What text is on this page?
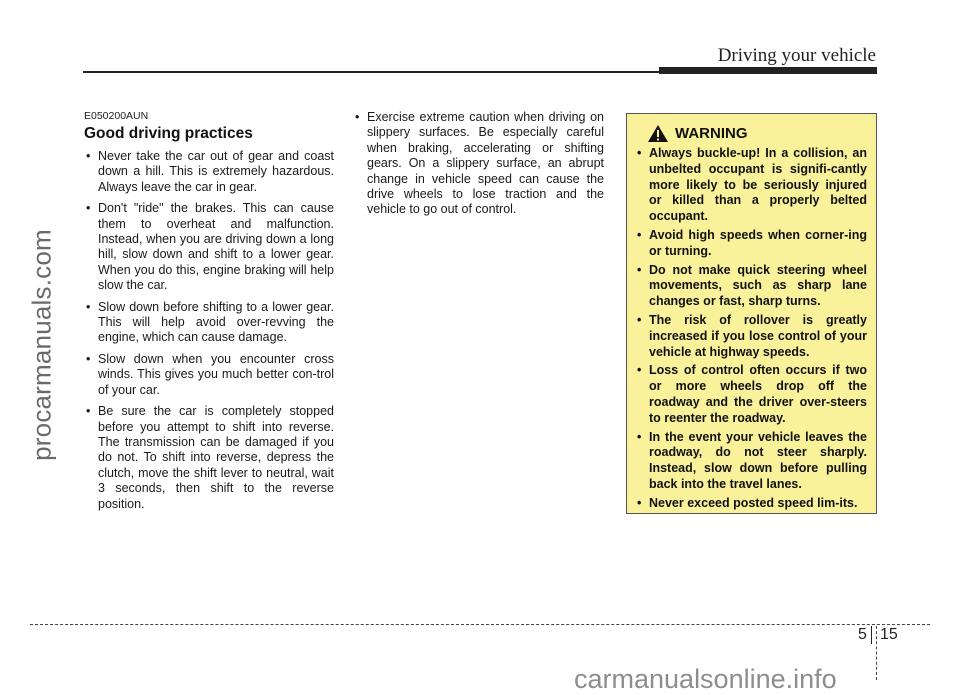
Driving your vehicle
procarmanuals.com
E050200AUN
Good driving practices
• Never take the car out of gear and coast down a hill. This is extremely hazardous. Always leave the car in gear.
• Don't "ride" the brakes. This can cause them to overheat and malfunction. Instead, when you are driving down a long hill, slow down and shift to a lower gear. When you do this, engine braking will help slow the car.
• Slow down before shifting to a lower gear. This will help avoid over-revving the engine, which can cause damage.
• Slow down when you encounter cross winds. This gives you much better con-trol of your car.
• Be sure the car is completely stopped before you attempt to shift into reverse. The transmission can be damaged if you do not. To shift into reverse, depress the clutch, move the shift lever to neutral, wait 3 seconds, then shift to the reverse position.
• Exercise extreme caution when driving on slippery surfaces. Be especially careful when braking, accelerating or shifting gears. On a slippery surface, an abrupt change in vehicle speed can cause the drive wheels to lose traction and the vehicle to go out of control.
WARNING
• Always buckle-up! In a collision, an unbelted occupant is signifi-cantly more likely to be seriously injured or killed than a properly belted occupant.
• Avoid high speeds when corner-ing or turning.
• Do not make quick steering wheel movements, such as sharp lane changes or fast, sharp turns.
• The risk of rollover is greatly increased if you lose control of your vehicle at highway speeds.
• Loss of control often occurs if two or more wheels drop off the roadway and the driver over-steers to reenter the roadway.
• In the event your vehicle leaves the roadway, do not steer sharply. Instead, slow down before pulling back into the travel lanes.
• Never exceed posted speed lim-its.
5 15
carmanualsonline.info
